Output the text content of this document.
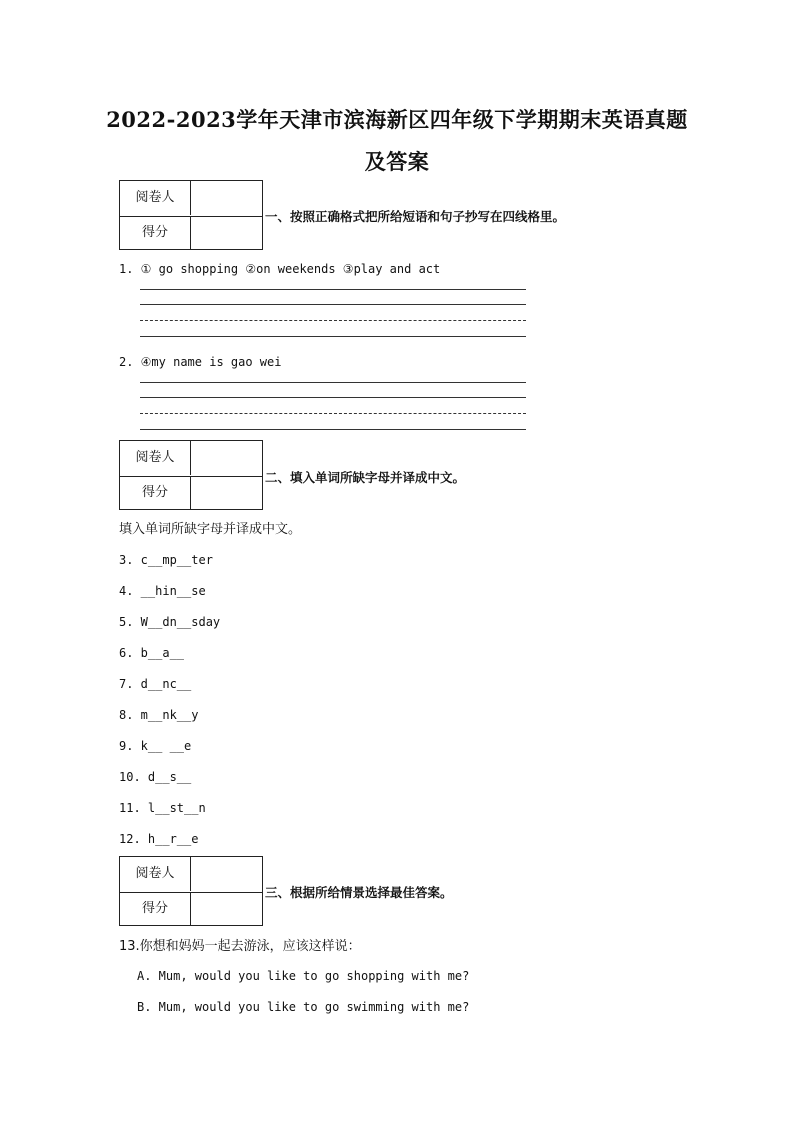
2022-2023学年天津市滨海新区四年级下学期期末英语真题
及答案
阅卷人
得分
一、按照正确格式把所给短语和句子抄写在四线格里。
1. ① go shopping ②on weekends ③play and act
2. ④my name is gao wei
阅卷人
得分
二、填入单词所缺字母并译成中文。
填入单词所缺字母并译成中文。
3. c__mp__ter
4. __hin__se
5. W__dn__sday
6. b__a__
7. d__nc__
8. m__nk__y
9. k__ __e
10. d__s__
11. l__st__n
12. h__r__e
阅卷人
得分
三、根据所给情景选择最佳答案。
13.你想和妈妈一起去游泳，应该这样说：
A. Mum, would you like to go shopping with me?
B. Mum, would you like to go swimming with me?
